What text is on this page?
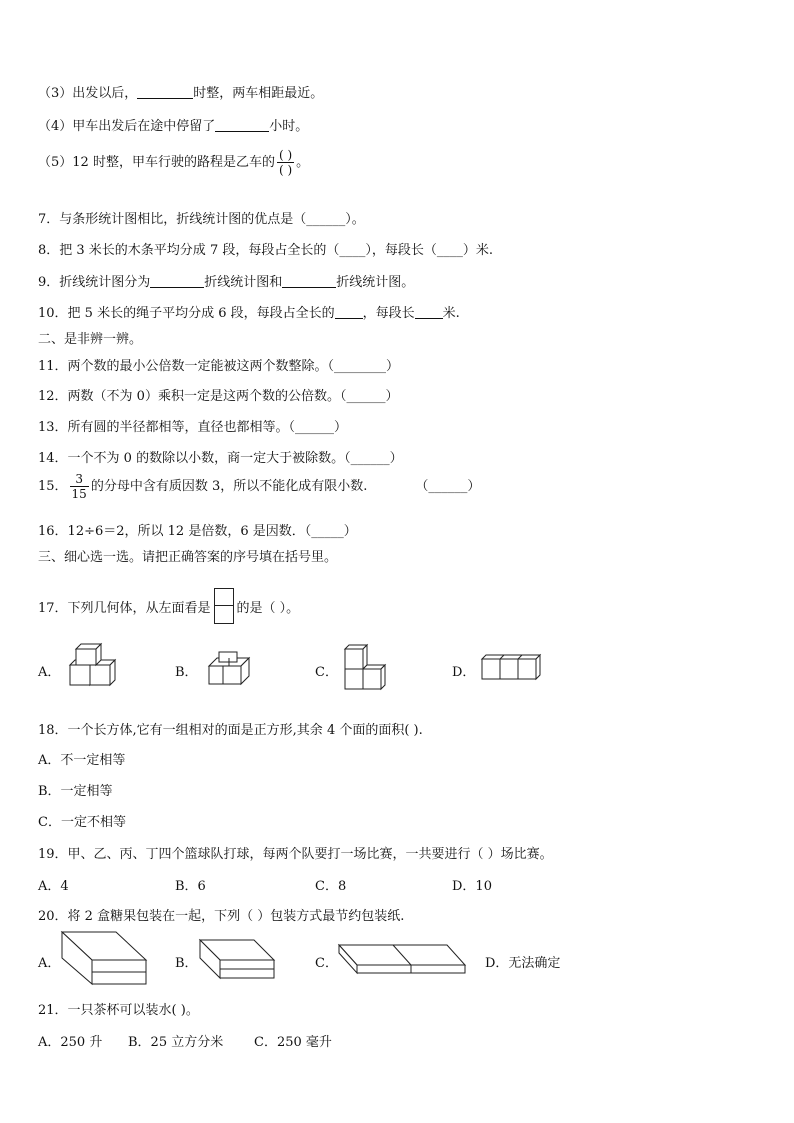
（3）出发以后，	时整，两车相距最近。
（4）甲车出发后在途中停留了	小时。
（5）12 时整，甲车行驶的路程是乙车的 $\frac{( )}{( )}$ 。
7．与条形统计图相比，折线统计图的优点是（______）。
8．把 3 米长的木条平均分成 7 段，每段占全长的（____），每段长（____）米.
9．折线统计图分为	折线统计图和	折线统计图。
10．把 5 米长的绳子平均分成 6 段，每段占全长的 ，每段长 米.
二、是非辨一辨。
11．两个数的最小公倍数一定能被这两个数整除。（________）
12．两数（不为 0）乘积一定是这两个数的公倍数。（______）
13．所有圆的半径都相等，直径也都相等。（______）
14．一个不为 0 的数除以小数，商一定大于被除数。（______）
15． $\frac{3}{15}$ 的分母中含有质因数 3，所以不能化成有限小数.	（______）
16．12÷6＝2，所以 12 是倍数，6 是因数．（_____）
三、细心选一选。请把正确答案的序号填在括号里。
17．下列几何体，从左面看是 的是（ ）。
A．	B．	C．	D．
18．一个长方体,它有一组相对的面是正方形,其余 4 个面的面积( ).
A．不一定相等
B．一定相等
C．一定不相等
19．甲、乙、丙、丁四个篮球队打球，每两个队要打一场比赛，一共要进行（ ）场比赛。
A．4	B．6	C．8	D．10
20．将 2 盒糖果包装在一起，下列（ ）包装方式最节约包装纸.
A．	B．	C．	D．无法确定
21．一只茶杯可以装水( )。
A．250 升 B．25 立方分米 C．250 毫升
